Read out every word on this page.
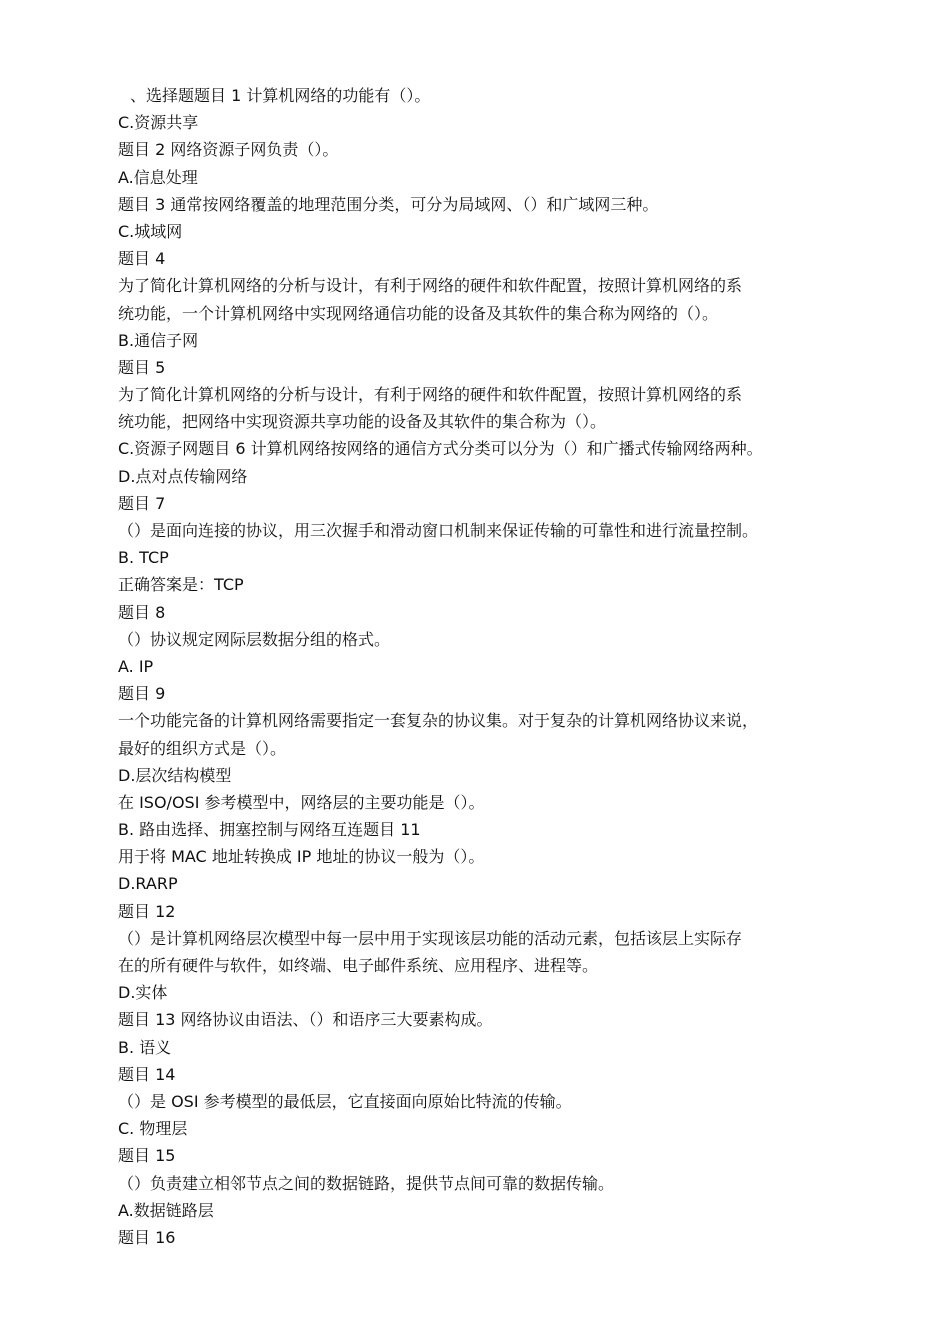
、选择题题目 1 计算机网络的功能有（）。
C.资源共享
题目 2 网络资源子网负责（）。
A.信息处理
题目 3 通常按网络覆盖的地理范围分类，可分为局域网、（）和广域网三种。
C.城域网
题目 4
为了简化计算机网络的分析与设计，有利于网络的硬件和软件配置，按照计算机网络的系
统功能，一个计算机网络中实现网络通信功能的设备及其软件的集合称为网络的（）。
B.通信子网
题目 5
为了简化计算机网络的分析与设计，有利于网络的硬件和软件配置，按照计算机网络的系
统功能，把网络中实现资源共享功能的设备及其软件的集合称为（）。
C.资源子网题目 6 计算机网络按网络的通信方式分类可以分为（）和广播式传输网络两种。
D.点对点传输网络
题目 7
（）是面向连接的协议，用三次握手和滑动窗口机制来保证传输的可靠性和进行流量控制。
B. TCP
正确答案是：TCP
题目 8
（）协议规定网际层数据分组的格式。
A. IP
题目 9
一个功能完备的计算机网络需要指定一套复杂的协议集。对于复杂的计算机网络协议来说，
最好的组织方式是（）。
D.层次结构模型
在 ISO/OSI 参考模型中，网络层的主要功能是（）。
B. 路由选择、拥塞控制与网络互连题目 11
用于将 MAC 地址转换成 IP 地址的协议一般为（）。
D.RARP
题目 12
（）是计算机网络层次模型中每一层中用于实现该层功能的活动元素，包括该层上实际存
在的所有硬件与软件，如终端、电子邮件系统、应用程序、进程等。
D.实体
题目 13 网络协议由语法、（）和语序三大要素构成。
B. 语义
题目 14
（）是 OSI 参考模型的最低层，它直接面向原始比特流的传输。
C. 物理层
题目 15
（）负责建立相邻节点之间的数据链路，提供节点间可靠的数据传输。
A.数据链路层
题目 16
